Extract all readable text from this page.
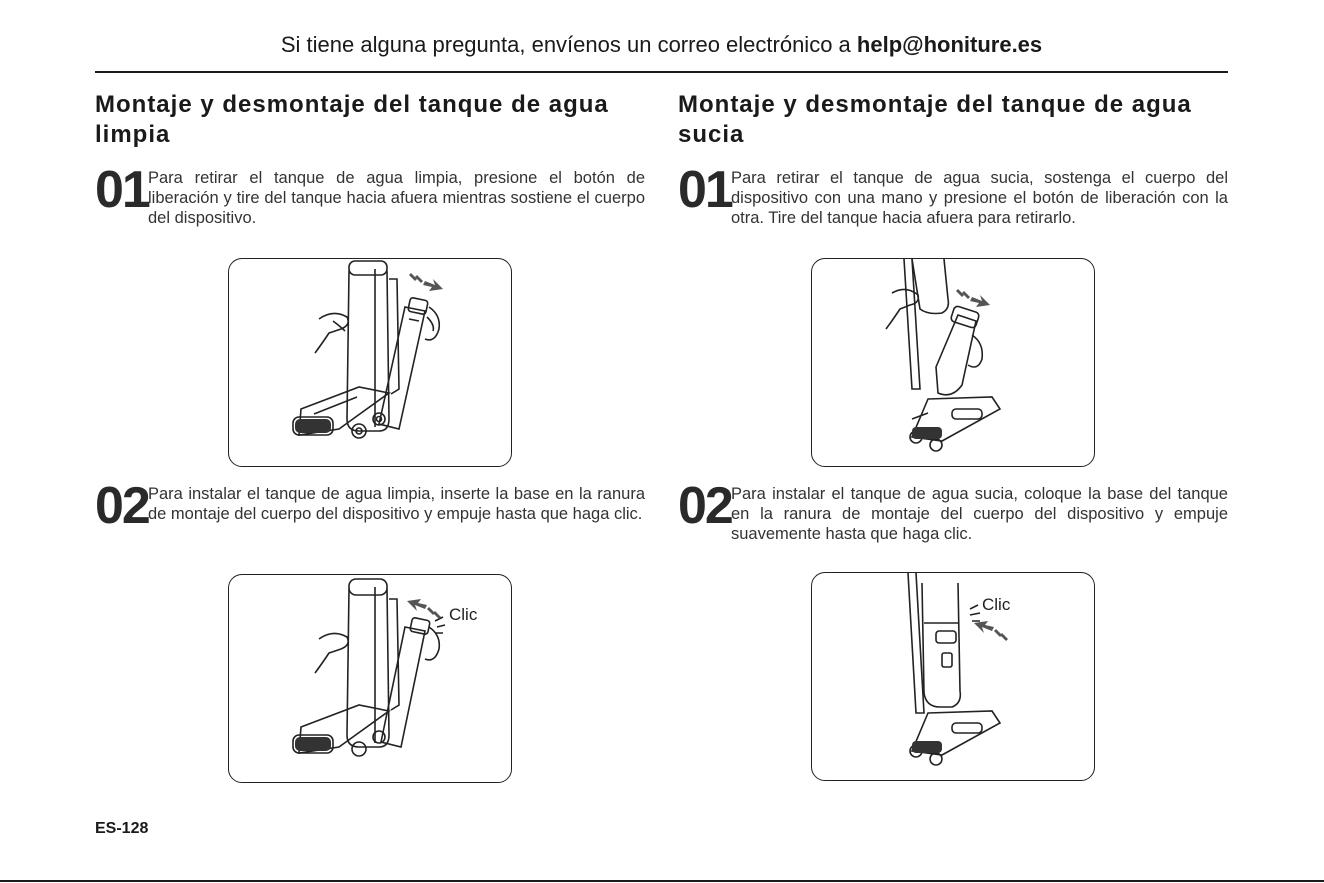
Si tiene alguna pregunta, envíenos un correo electrónico a help@honiture.es
Montaje y desmontaje del tanque de agua limpia
01 Para retirar el tanque de agua limpia, presione el botón de liberación y tire del tanque hacia afuera mientras sostiene el cuerpo del dispositivo.
02 Para instalar el tanque de agua limpia, inserte la base en la ranura de montaje del cuerpo del dispositivo y empuje hasta que haga clic.
Clic
Montaje y desmontaje del tanque de agua sucia
01 Para retirar el tanque de agua sucia, sostenga el cuerpo del dispositivo con una mano y presione el botón de liberación con la otra. Tire del tanque hacia afuera para retirarlo.
02 Para instalar el tanque de agua sucia, coloque la base del tanque en la ranura de montaje del cuerpo del dispositivo y empuje suavemente hasta que haga clic.
Clic
ES-128
